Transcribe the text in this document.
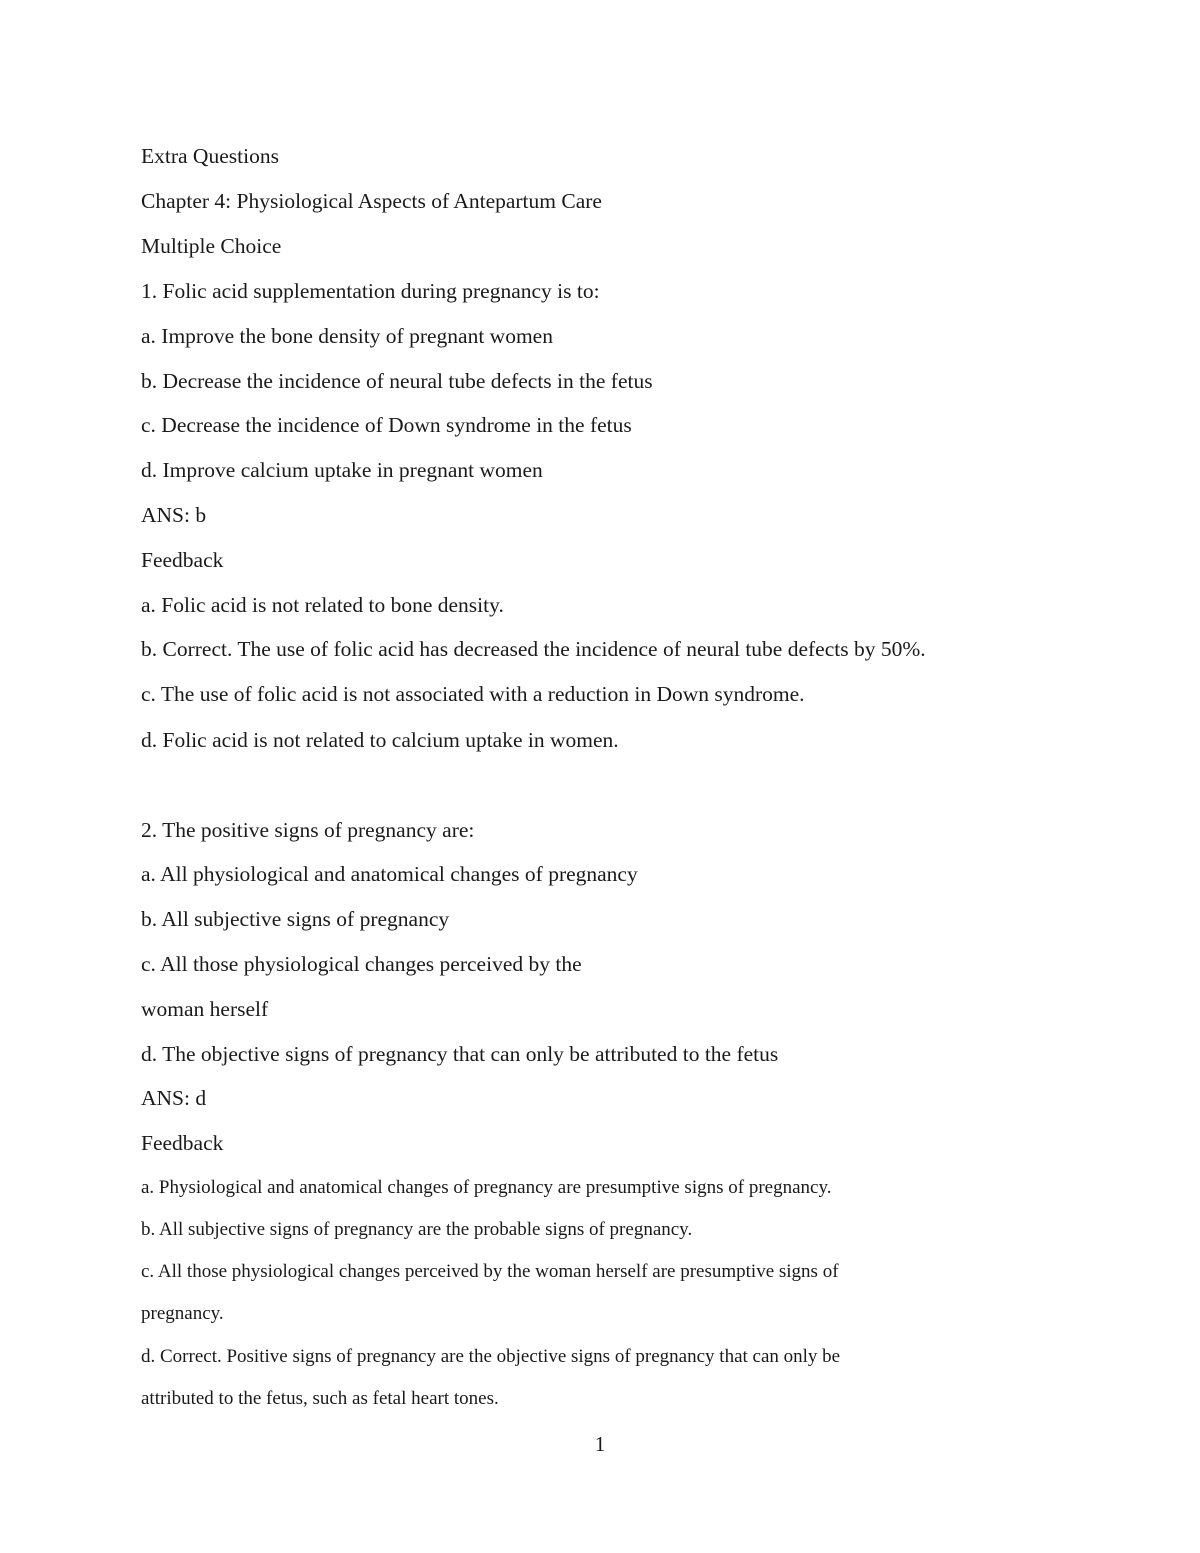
Extra Questions
Chapter 4: Physiological Aspects of Antepartum Care
Multiple Choice
1. Folic acid supplementation during pregnancy is to:
a. Improve the bone density of pregnant women
b. Decrease the incidence of neural tube defects in the fetus
c. Decrease the incidence of Down syndrome in the fetus
d. Improve calcium uptake in pregnant women
ANS: b
Feedback
a. Folic acid is not related to bone density.
b. Correct. The use of folic acid has decreased the incidence of neural tube defects by 50%.
c. The use of folic acid is not associated with a reduction in Down syndrome.
d. Folic acid is not related to calcium uptake in women.
2. The positive signs of pregnancy are:
a. All physiological and anatomical changes of pregnancy
b. All subjective signs of pregnancy
c. All those physiological changes perceived by the
woman herself
d. The objective signs of pregnancy that can only be attributed to the fetus
ANS: d
Feedback
a. Physiological and anatomical changes of pregnancy are presumptive signs of pregnancy.
b. All subjective signs of pregnancy are the probable signs of pregnancy.
c. All those physiological changes perceived by the woman herself are presumptive signs of
pregnancy.
d. Correct. Positive signs of pregnancy are the objective signs of pregnancy that can only be
attributed to the fetus, such as fetal heart tones.
1
